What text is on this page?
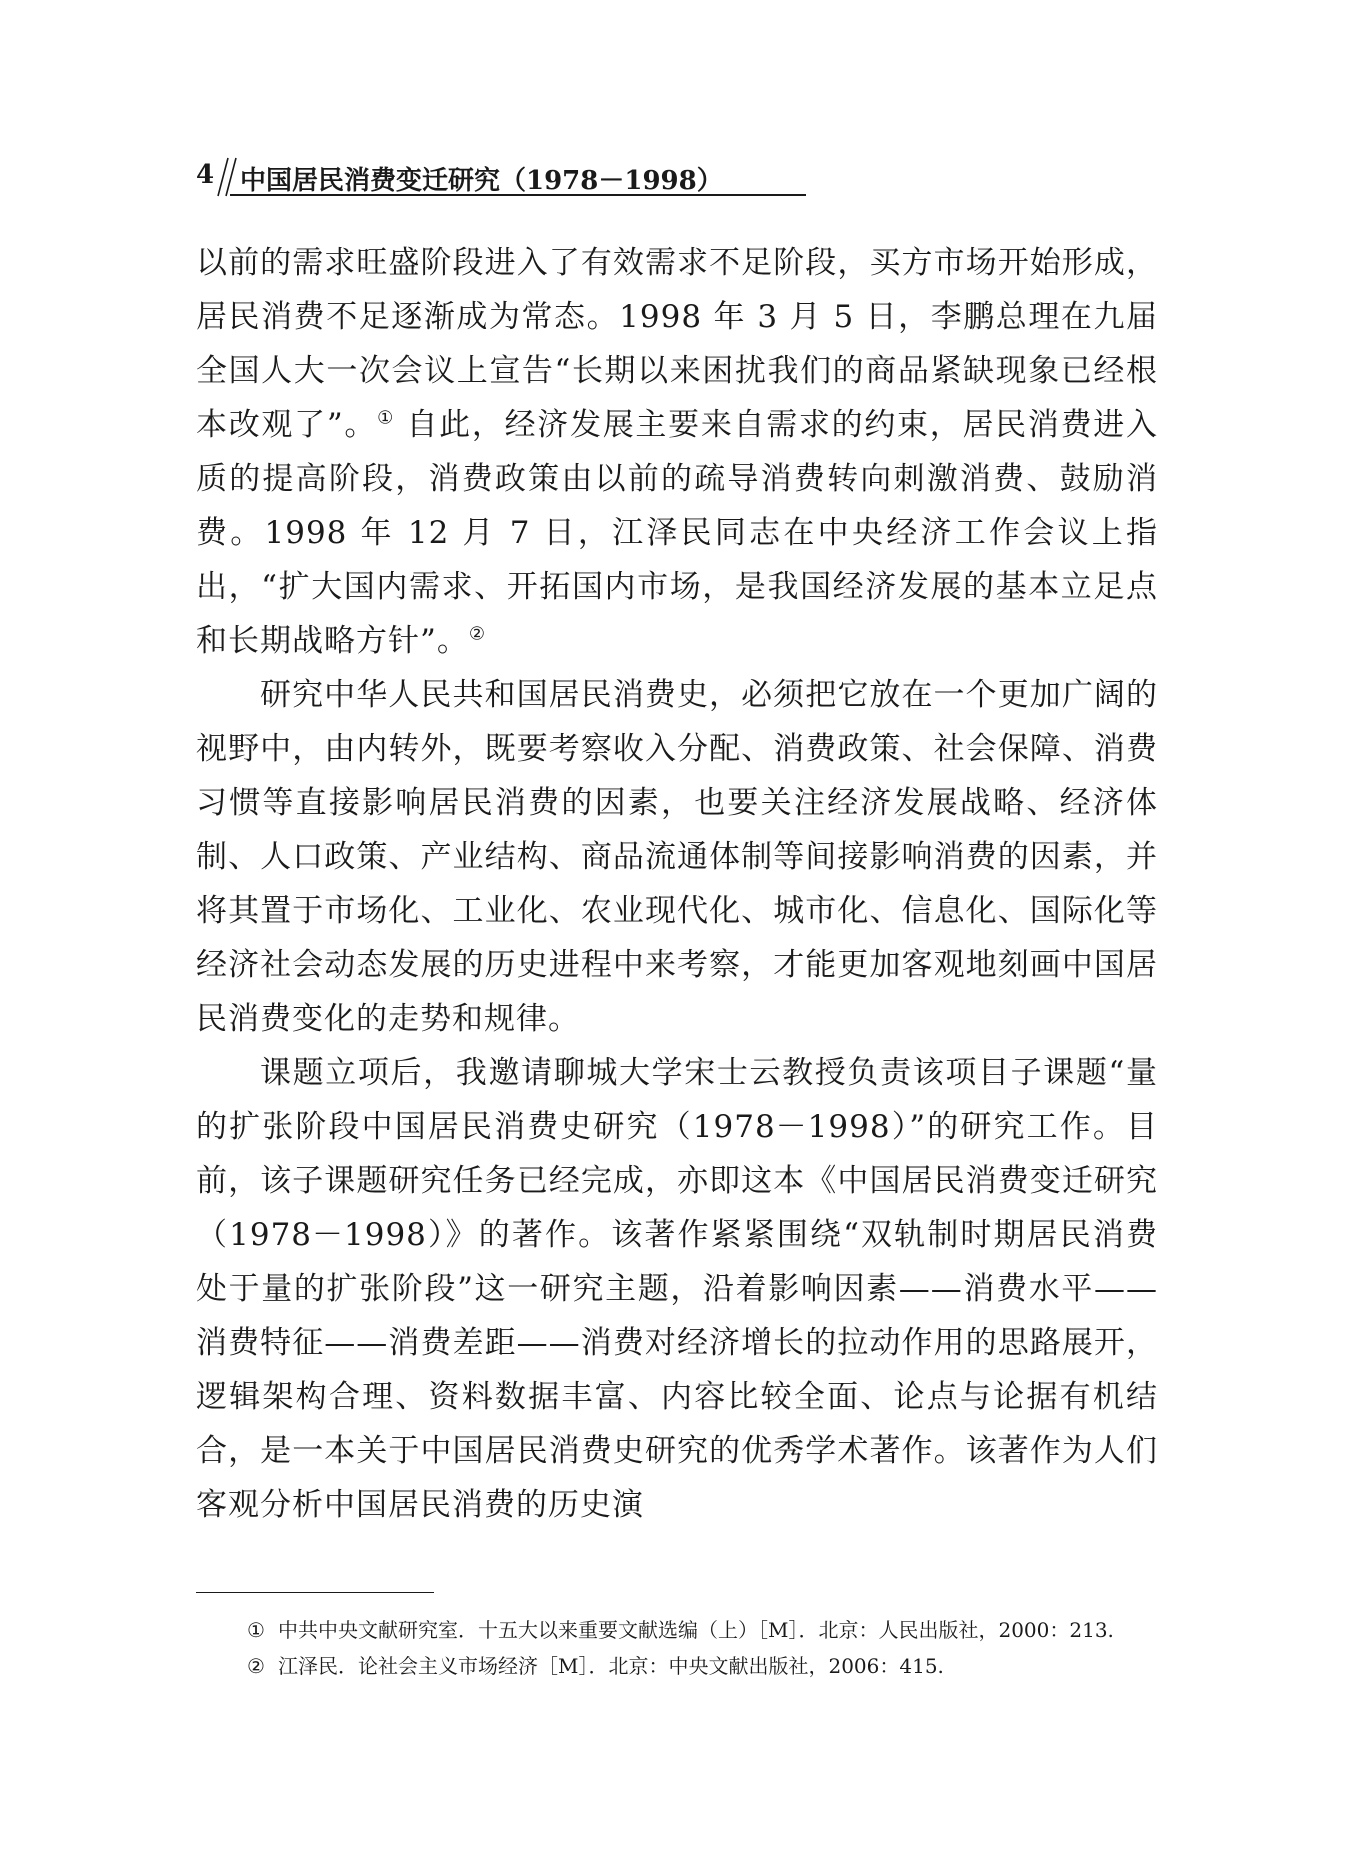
4 中国居民消费变迁研究（1978－1998）

以前的需求旺盛阶段进入了有效需求不足阶段，买方市场开始形成，居民消费不足逐渐成为常态。1998 年 3 月 5 日，李鹏总理在九届全国人大一次会议上宣告“长期以来困扰我们的商品紧缺现象已经根本改观了”。① 自此，经济发展主要来自需求的约束，居民消费进入质的提高阶段，消费政策由以前的疏导消费转向刺激消费、鼓励消费。1998 年 12 月 7 日，江泽民同志在中央经济工作会议上指出，“扩大国内需求、开拓国内市场，是我国经济发展的基本立足点和长期战略方针”。②

研究中华人民共和国居民消费史，必须把它放在一个更加广阔的视野中，由内转外，既要考察收入分配、消费政策、社会保障、消费习惯等直接影响居民消费的因素，也要关注经济发展战略、经济体制、人口政策、产业结构、商品流通体制等间接影响消费的因素，并将其置于市场化、工业化、农业现代化、城市化、信息化、国际化等经济社会动态发展的历史进程中来考察，才能更加客观地刻画中国居民消费变化的走势和规律。

课题立项后，我邀请聊城大学宋士云教授负责该项目子课题“量的扩张阶段中国居民消费史研究（1978－1998）”的研究工作。目前，该子课题研究任务已经完成，亦即这本《中国居民消费变迁研究（1978－1998）》的著作。该著作紧紧围绕“双轨制时期居民消费处于量的扩张阶段”这一研究主题，沿着影响因素——消费水平——消费特征——消费差距——消费对经济增长的拉动作用的思路展开，逻辑架构合理、资料数据丰富、内容比较全面、论点与论据有机结合，是一本关于中国居民消费史研究的优秀学术著作。该著作为人们客观分析中国居民消费的历史演

① 中共中央文献研究室．十五大以来重要文献选编（上）［M］．北京：人民出版社，2000：213.

② 江泽民．论社会主义市场经济［M］．北京：中央文献出版社，2006：415.
